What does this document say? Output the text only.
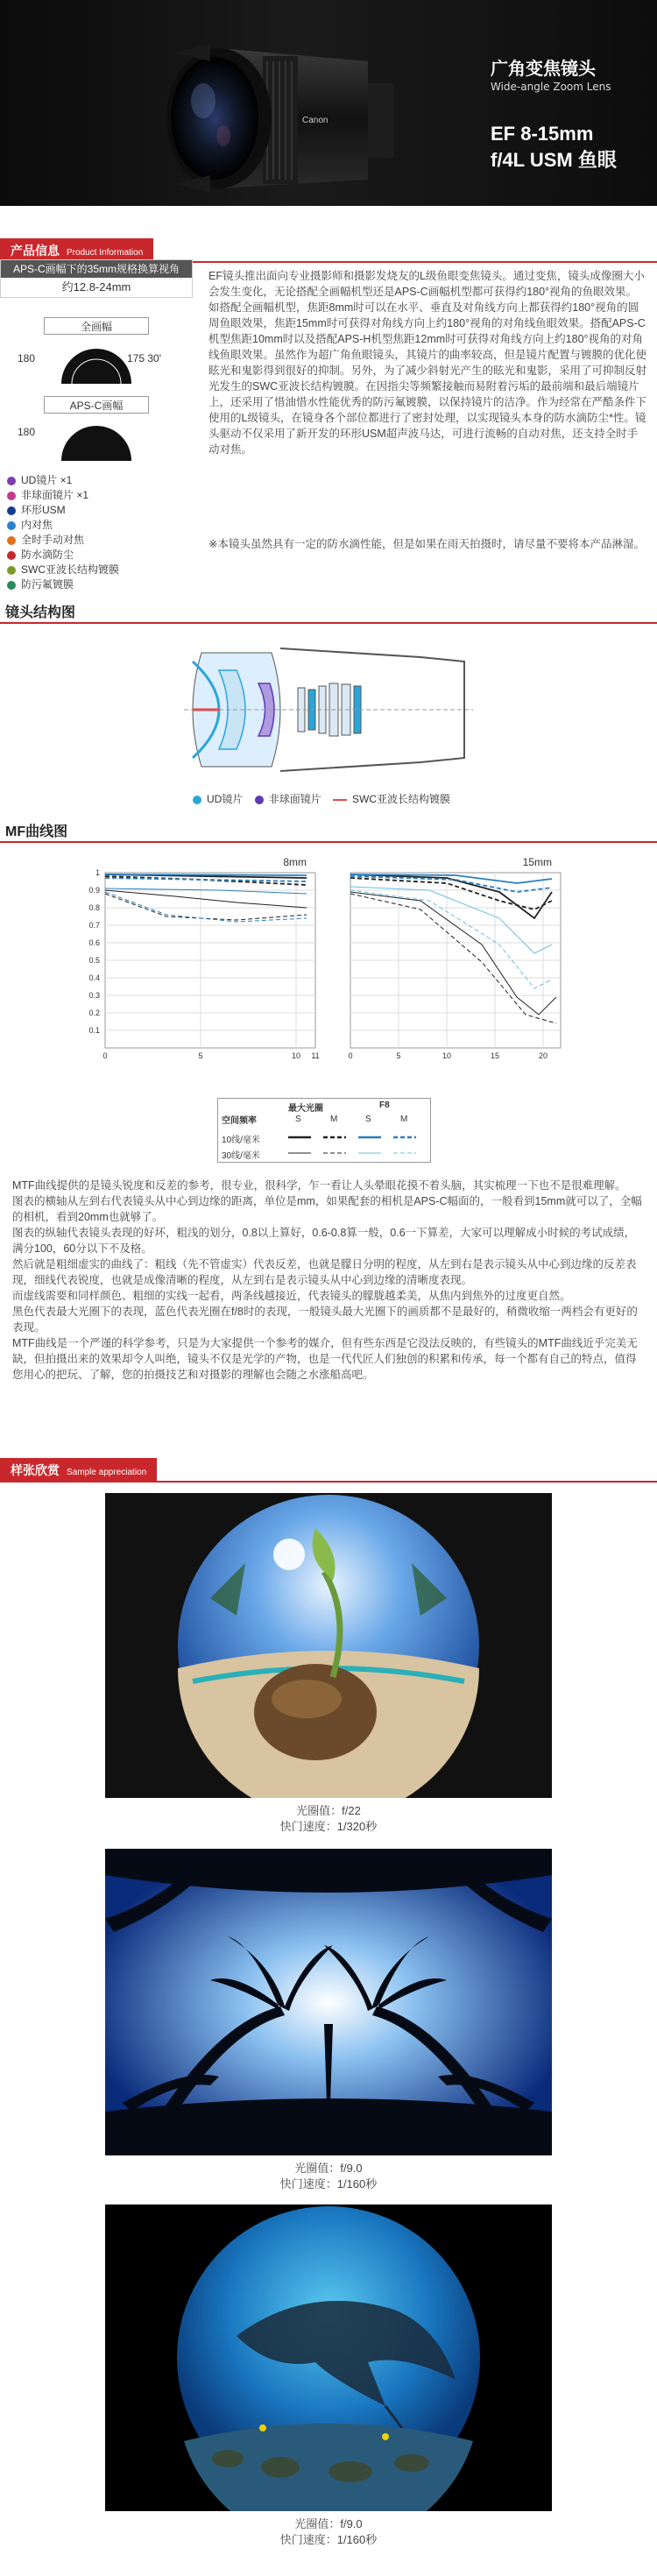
Canon
广角变焦镜头
Wide-angle Zoom Lens
EF 8-15mm
f/4L USM 鱼眼
产品信息 Product Information
APS-C画幅下的35mm规格换算视角
约12.8-24mm
全画幅
180	175 30'
APS-C画幅
180
UD镜片 ×1
非球面镜片 ×1
环形USM
内对焦
全时手动对焦
防水滴防尘
SWC亚波长结构镀膜
防污氟镀膜
EF镜头推出面向专业摄影师和摄影发烧友的L级鱼眼变焦镜头。通过变焦，镜头成像圈大小会发生变化，无论搭配全画幅机型还是APS-C画幅机型都可获得约180°视角的鱼眼效果。如搭配全画幅机型，焦距8mm时可以在水平、垂直及对角线方向上都获得约180°视角的圆周鱼眼效果，焦距15mm时可获得对角线方向上约180°视角的对角线鱼眼效果。搭配APS-C机型焦距10mm时以及搭配APS-H机型焦距12mm时可获得对角线方向上约180°视角的对角线鱼眼效果。虽然作为超广角鱼眼镜头，其镜片的曲率较高，但是镜片配置与镀膜的优化使眩光和鬼影得到很好的抑制。另外，为了减少斜射光产生的眩光和鬼影，采用了可抑制反射光发生的SWC亚波长结构镀膜。在因指尖等频繁接触而易附着污垢的最前端和最后端镜片上，还采用了惜油惜水性能优秀的防污氟镀膜，以保持镜片的洁净。作为经常在严酷条件下使用的L级镜头，在镜身各个部位都进行了密封处理，以实现镜头本身的防水滴防尘*性。镜头驱动不仅采用了新开发的环形USM超声波马达，可进行流畅的自动对焦，还支持全时手动对焦。
※本镜头虽然具有一定的防水滴性能，但是如果在雨天拍摄时，请尽量不要将本产品淋湿。
镜头结构图
UD镜片 非球面镜片	SWC亚波长结构镀膜
MF曲线图
8mm
1
0.9
0.8
0.7
0.6
0.5
0.4
0.3
0.2
0.1
0	5	10 11
15mm
0	5	10	15	20
空间频率
最大光圈	F8
S	M	S	M
10线/毫米
30线/毫米

MTF曲线提供的是镜头锐度和反差的参考，很专业，很科学，乍一看让人头晕眼花摸不着头脑，其实梳理一下也不是很难理解。

图表的横轴从左到右代表镜头从中心到边缘的距离，单位是mm，如果配套的相机是APS-C幅面的，一般看到15mm就可以了，全幅的相机，看到20mm也就够了。

图表的纵轴代表镜头表现的好坏，粗浅的划分，0.8以上算好，0.6-0.8算一般，0.6一下算差，大家可以理解成小时候的考试成绩，满分100，60分以下不及格。

然后就是粗细虚实的曲线了：粗线（先不管虚实）代表反差，也就是朦日分明的程度，从左到右是表示镜头从中心到边缘的反差表现，细线代表锐度，也就是成像清晰的程度，从左到右是表示镜头从中心到边缘的清晰度表现。

而虚线需要和同样颜色、粗细的实线一起看，两条线越接近，代表镜头的朦胧越柔美，从焦内到焦外的过度更自然。

黑色代表最大光圈下的表现，蓝色代表光圈在f/8时的表现，一般镜头最大光圈下的画质都不是最好的，稍微收缩一两档会有更好的表现。

MTF曲线是一个严谨的科学参考，只是为大家提供一个参考的媒介，但有些东西是它没法反映的，有些镜头的MTF曲线近乎完美无缺，但拍摄出来的效果却令人叫绝，镜头不仅是光学的产物，也是一代代匠人们独创的积累和传承，每一个都有自己的特点，值得您用心的把玩、了解，您的拍摄技艺和对摄影的理解也会随之水涨船高吧。

样张欣赏 Sample appreciation
光圈值：f/22
快门速度：1/320秒
光圈值：f/9.0
快门速度：1/160秒
光圈值：f/9.0
快门速度：1/160秒
